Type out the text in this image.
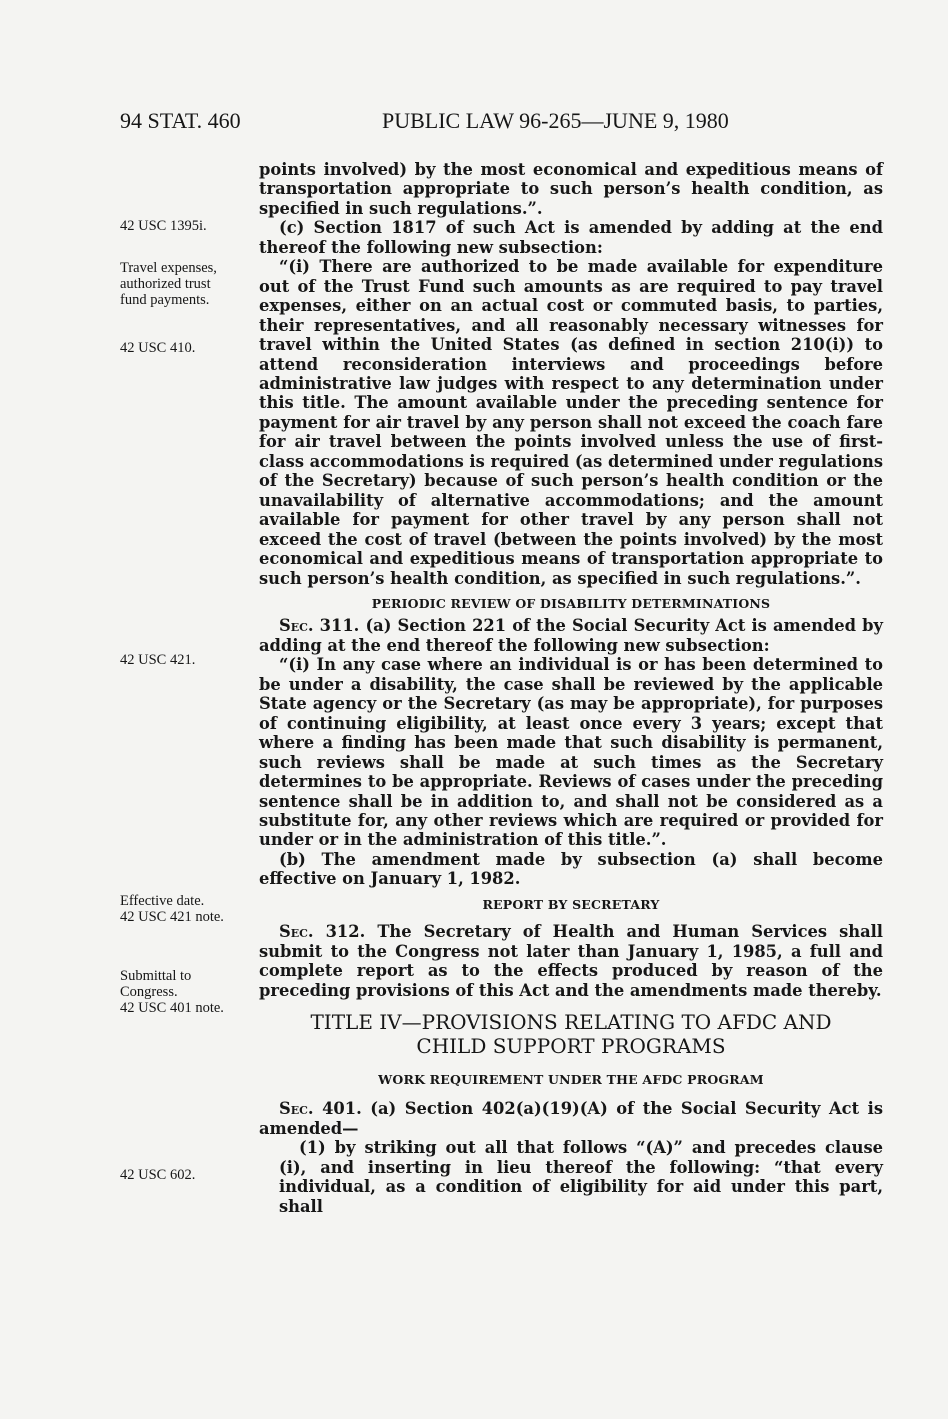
94 STAT. 460	PUBLIC LAW 96-265—JUNE 9, 1980
42 USC 1395i.
Travel expenses,
authorized trust
fund payments.
42 USC 410.
42 USC 421.
Effective date.
42 USC 421 note.
Submittal to
Congress.
42 USC 401 note.
42 USC 602.

points involved) by the most economical and expeditious means of transportation appropriate to such person’s health condition, as specified in such regulations.”.

(c) Section 1817 of such Act is amended by adding at the end thereof the following new subsection:

“(i) There are authorized to be made available for expenditure out of the Trust Fund such amounts as are required to pay travel expenses, either on an actual cost or commuted basis, to parties, their representatives, and all reasonably necessary witnesses for travel within the United States (as defined in section 210(i)) to attend reconsideration interviews and proceedings before administrative law judges with respect to any determination under this title. The amount available under the preceding sentence for payment for air travel by any person shall not exceed the coach fare for air travel between the points involved unless the use of first-class accommodations is required (as determined under regulations of the Secretary) because of such person’s health condition or the unavailability of alternative accommodations; and the amount available for payment for other travel by any person shall not exceed the cost of travel (between the points involved) by the most economical and expeditious means of transportation appropriate to such person’s health condition, as specified in such regulations.”.

PERIODIC REVIEW OF DISABILITY DETERMINATIONS

Sec. 311. (a) Section 221 of the Social Security Act is amended by adding at the end thereof the following new subsection:

“(i) In any case where an individual is or has been determined to be under a disability, the case shall be reviewed by the applicable State agency or the Secretary (as may be appropriate), for purposes of continuing eligibility, at least once every 3 years; except that where a finding has been made that such disability is permanent, such reviews shall be made at such times as the Secretary determines to be appropriate. Reviews of cases under the preceding sentence shall be in addition to, and shall not be considered as a substitute for, any other reviews which are required or provided for under or in the administration of this title.”.

(b) The amendment made by subsection (a) shall become effective on January 1, 1982.

REPORT BY SECRETARY

Sec. 312. The Secretary of Health and Human Services shall submit to the Congress not later than January 1, 1985, a full and complete report as to the effects produced by reason of the preceding provisions of this Act and the amendments made thereby.

TITLE IV—PROVISIONS RELATING TO AFDC AND CHILD SUPPORT PROGRAMS
WORK REQUIREMENT UNDER THE AFDC PROGRAM

Sec. 401. (a) Section 402(a)(19)(A) of the Social Security Act is amended—

(1) by striking out all that follows “(A)” and precedes clause (i), and inserting in lieu thereof the following: “that every individual, as a condition of eligibility for aid under this part, shall
